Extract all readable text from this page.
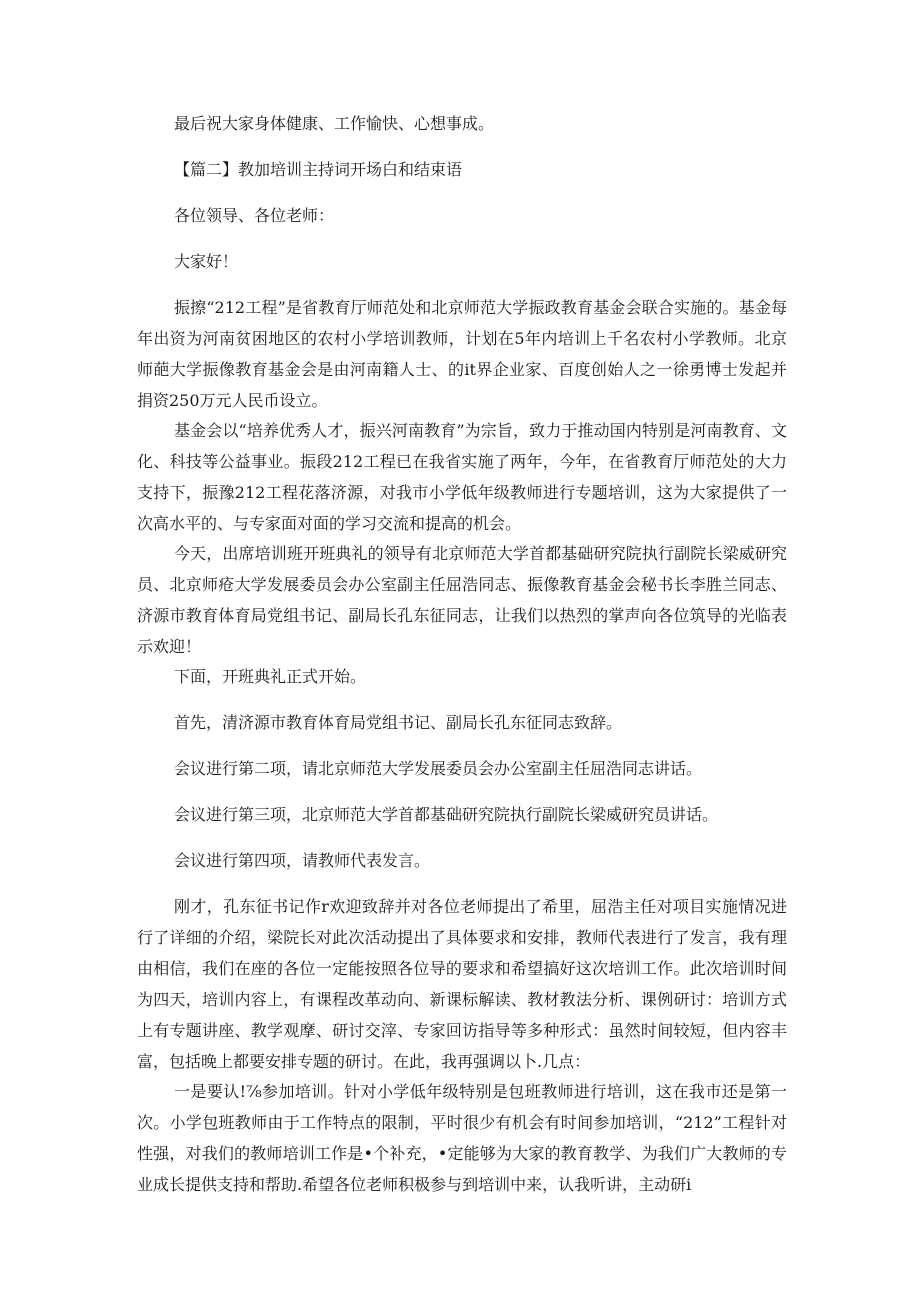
最后祝大家身体健康、工作愉快、心想事成。

【篇二】教加培训主持词开场白和结束语

各位领导、各位老师：

大家好！

振擦“212工程”是省教育厅师范处和北京师范大学振政教育基金会联合实施的。基金每年出资为河南贫困地区的农村小学培训教师，计划在5年内培训上千名农村小学教师。北京师葩大学振像教育基金会是由河南籍人士、的it界企业家、百度创始人之一徐勇博士发起并捐资250万元人民币设立。

基金会以“培养优秀人才，振兴河南教育”为宗旨，致力于推动国内特别是河南教育、文化、科技等公益事业。振段212工程已在我省实施了两年，今年，在省教育厅师范处的大力支持下，振豫212工程花落济源，对我市小学低年级教师进行专题培训，这为大家提供了一次高水平的、与专家面对面的学习交流和提高的机会。

今天，出席培训班开班典礼的领导有北京师范大学首都基础研究院执行副院长梁威研究员、北京师疮大学发展委员会办公室副主任屈浩同志、振像教育基金会秘书长李胜兰同志、济源市教育体育局党组书记、副局长孔东征同志，让我们以热烈的掌声向各位筑导的光临表示欢迎！

下面，开班典礼正式开始。

首先，清济源市教育体育局党组书记、副局长孔东征同志致辞。

会议进行第二项，请北京师范大学发展委员会办公室副主任屈浩同志讲话。

会议进行第三项，北京师范大学首都基础研究院执行副院长梁威研究员讲话。

会议进行第四项，请教师代表发言。

刚才，孔东征书记作r欢迎致辞并对各位老师提出了希里，屈浩主任对项目实施情况进行了详细的介绍，梁院长对此次活动提出了具体要求和安排，教师代表进行了发言，我有理由相信，我们在座的各位一定能按照各位导的要求和希望搞好这次培训工作。此次培训时间为四天，培训内容上，有课程改革动向、新课标解读、教材教法分析、课例研讨：培训方式上有专题讲座、教学观摩、研讨交滓、专家回访指导等多种形式：虽然时间较短，但内容丰富，包括晚上都要安排专题的研讨。在此，我再强调以卜.几点：

一是要认!⅞参加培训。针对小学低年级特别是包班教师进行培训，这在我市还是第一次。小学包班教师由于工作特点的限制，平时很少有机会有时间参加培训，“212”工程针对性强，对我们的教师培训工作是•个补充，•定能够为大家的教育教学、为我们广大教师的专业成长提供支持和帮助.希望各位老师积极参与到培训中来，认我听讲，主动研i
